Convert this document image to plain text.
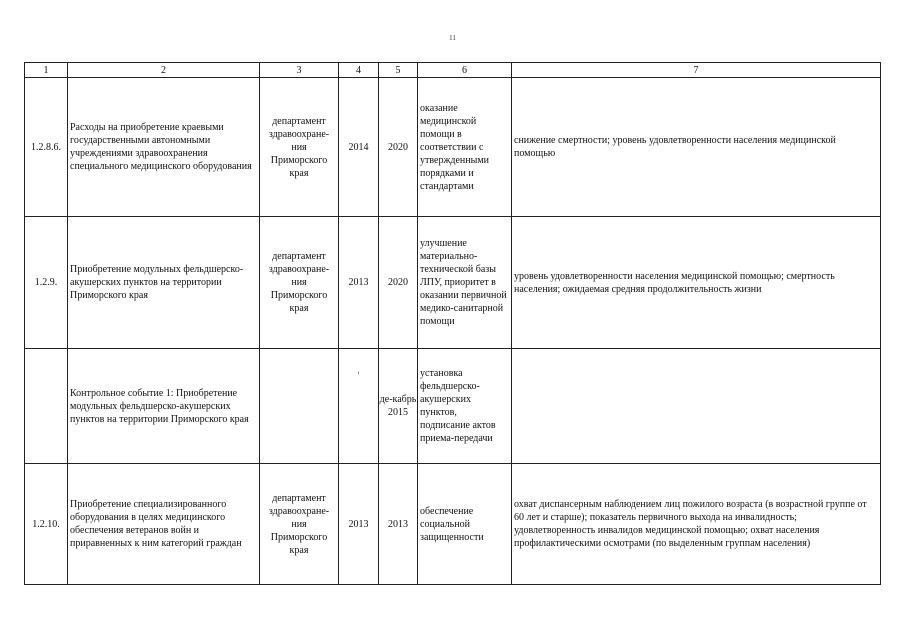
11
1	2	3	4	5	6	7
1.2.8.6.	Расходы на приобретение краевыми государственными автономными учреждениями здравоохранения специального медицинского оборудования	департамент здравоохране-ния Приморского края	2014	2020	оказание медицинской помощи в соответствии с утвержденными порядками и стандартами	снижение смертности; уровень удовлетворенности населения медицинской помощью
1.2.9.	Приобретение модульных фельдшерско-акушерских пунктов на территории Приморского края	департамент здравоохране-ния Приморского края	2013	2020	улучшение материально-технической базы ЛПУ, приоритет в оказании первичной медико-санитарной помощи	уровень удовлетворенности населения медицинской помощью; смертность населения; ожидаемая средняя продолжительность жизни
	Контрольное событие 1: Приобретение модульных фельдшерско-акушерских пунктов на территории Приморского края		‘	де-кабрь 2015	установка фельдшерско-акушерских пунктов, подписание актов приема-передачи	
1.2.10.	Приобретение специализированного оборудования в целях медицинского обеспечения ветеранов войн и приравненных к ним категорий граждан	департамент здравоохране-ния Приморского края	2013	2013	обеспечение социальной защищенности	охват диспансерным наблюдением лиц пожилого возраста (в возрастной группе от 60 лет и старше); показатель первичного выхода на инвалидность; удовлетворенность инвалидов медицинской помощью; охват населения профилактическими осмотрами (по выделенным группам населения)
